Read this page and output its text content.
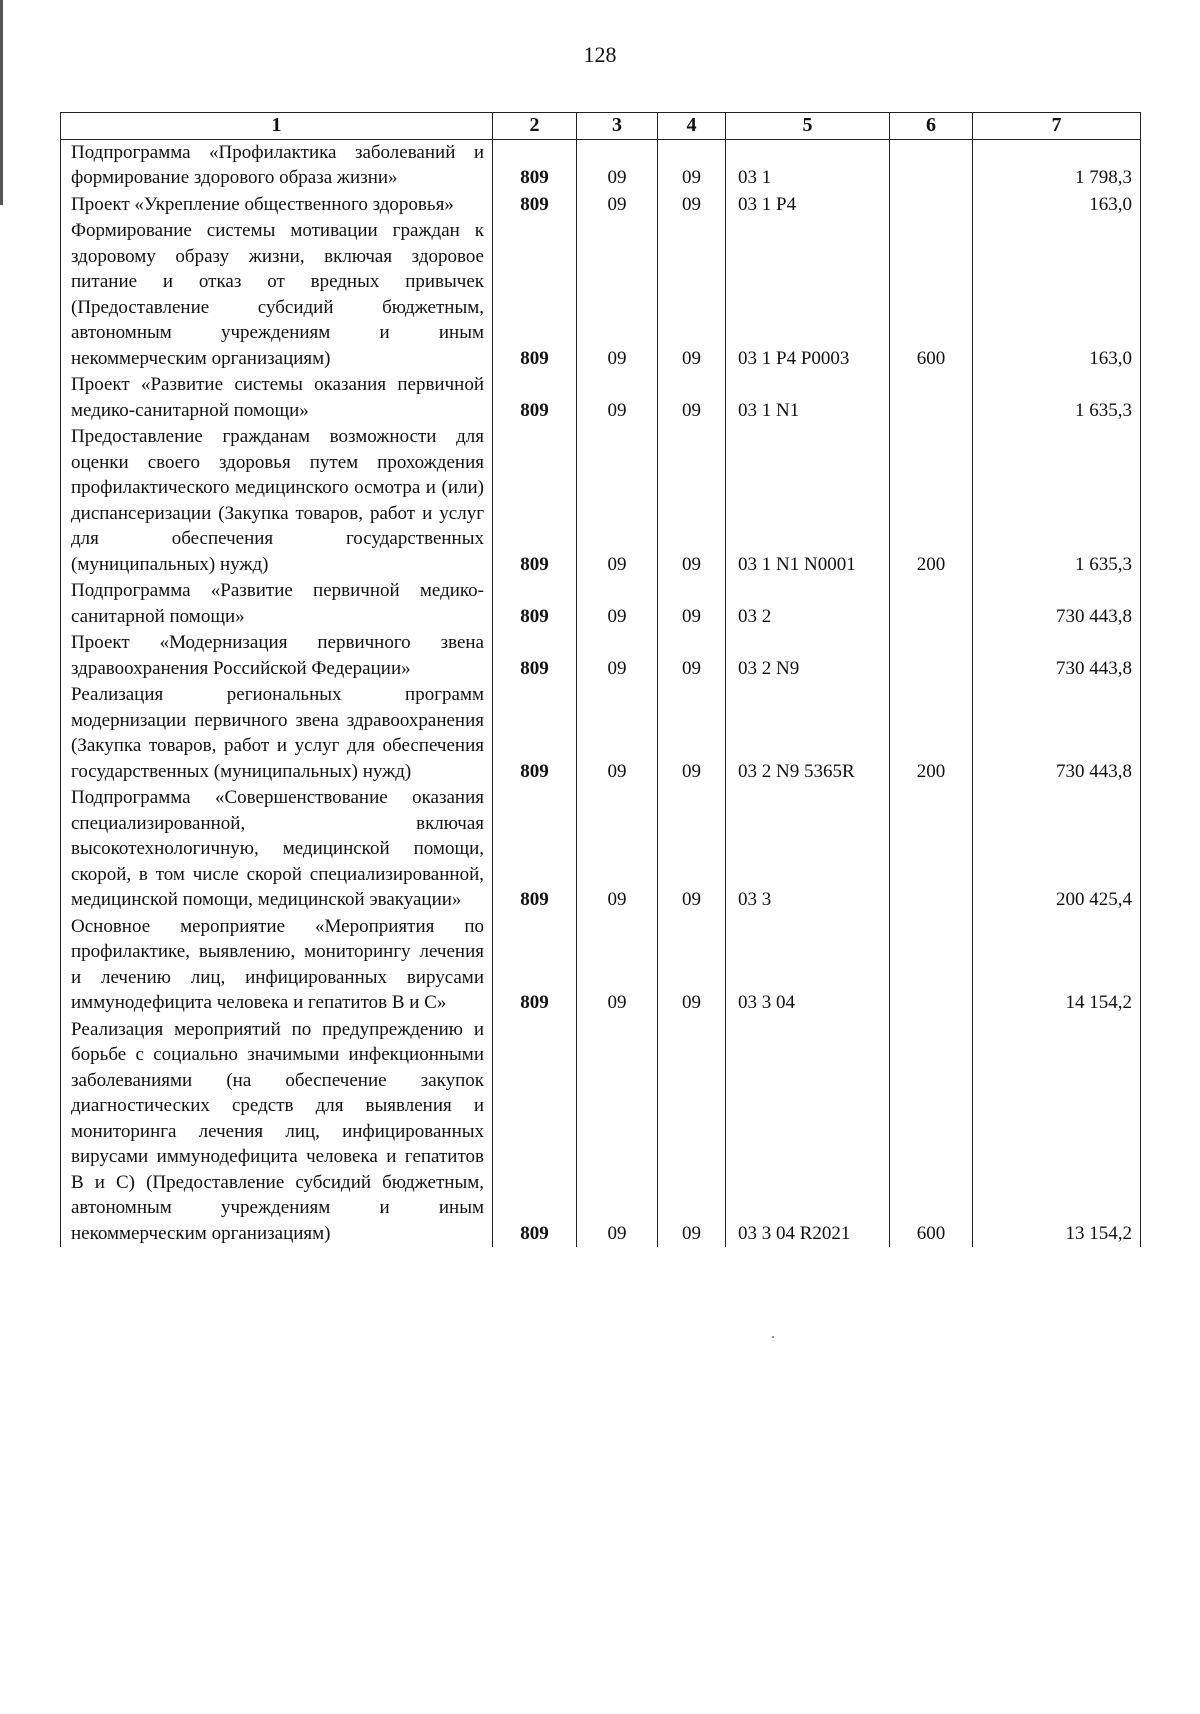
128
1	2	3	4	5	6	7
Подпрограмма «Профилактика заболеваний и формирование здорового образа жизни»	809	09	09	03 1		1 798,3
Проект «Укрепление общественного здоровья»	809	09	09	03 1 Р4		163,0
Формирование системы мотивации граждан к здоровому образу жизни, включая здоровое питание и отказ от вредных привычек (Предоставление субсидий бюджетным, автономным учреждениям и иным некоммерческим организациям)	809	09	09	03 1 Р4 Р0003	600	163,0
Проект «Развитие системы оказания первичной медико-санитарной помощи»	809	09	09	03 1 N1		1 635,3
Предоставление гражданам возможности для оценки своего здоровья путем прохождения профилактического медицинского осмотра и (или) диспансеризации (Закупка товаров, работ и услуг для обеспечения государственных (муниципальных) нужд)	809	09	09	03 1 N1 N0001	200	1 635,3
Подпрограмма «Развитие первичной медико-санитарной помощи»	809	09	09	03 2		730 443,8
Проект «Модернизация первичного звена здравоохранения Российской Федерации»	809	09	09	03 2 N9		730 443,8
Реализация региональных программ модернизации первичного звена здравоохранения (Закупка товаров, работ и услуг для обеспечения государственных (муниципальных) нужд)	809	09	09	03 2 N9 5365R	200	730 443,8
Подпрограмма «Совершенствование оказания специализированной, включая высокотехнологичную, медицинской помощи, скорой, в том числе скорой специализированной, медицинской помощи, медицинской эвакуации»	809	09	09	03 3		200 425,4
Основное мероприятие «Мероприятия по профилактике, выявлению, мониторингу лечения и лечению лиц, инфицированных вирусами иммунодефицита человека и гепатитов В и С»	809	09	09	03 3 04		14 154,2
Реализация мероприятий по предупреждению и борьбе с социально значимыми инфекционными заболеваниями (на обеспечение закупок диагностических средств для выявления и мониторинга лечения лиц, инфицированных вирусами иммунодефицита человека и гепатитов В и С) (Предоставление субсидий бюджетным, автономным учреждениям и иным некоммерческим организациям)	809	09	09	03 3 04 R2021	600	13 154,2
